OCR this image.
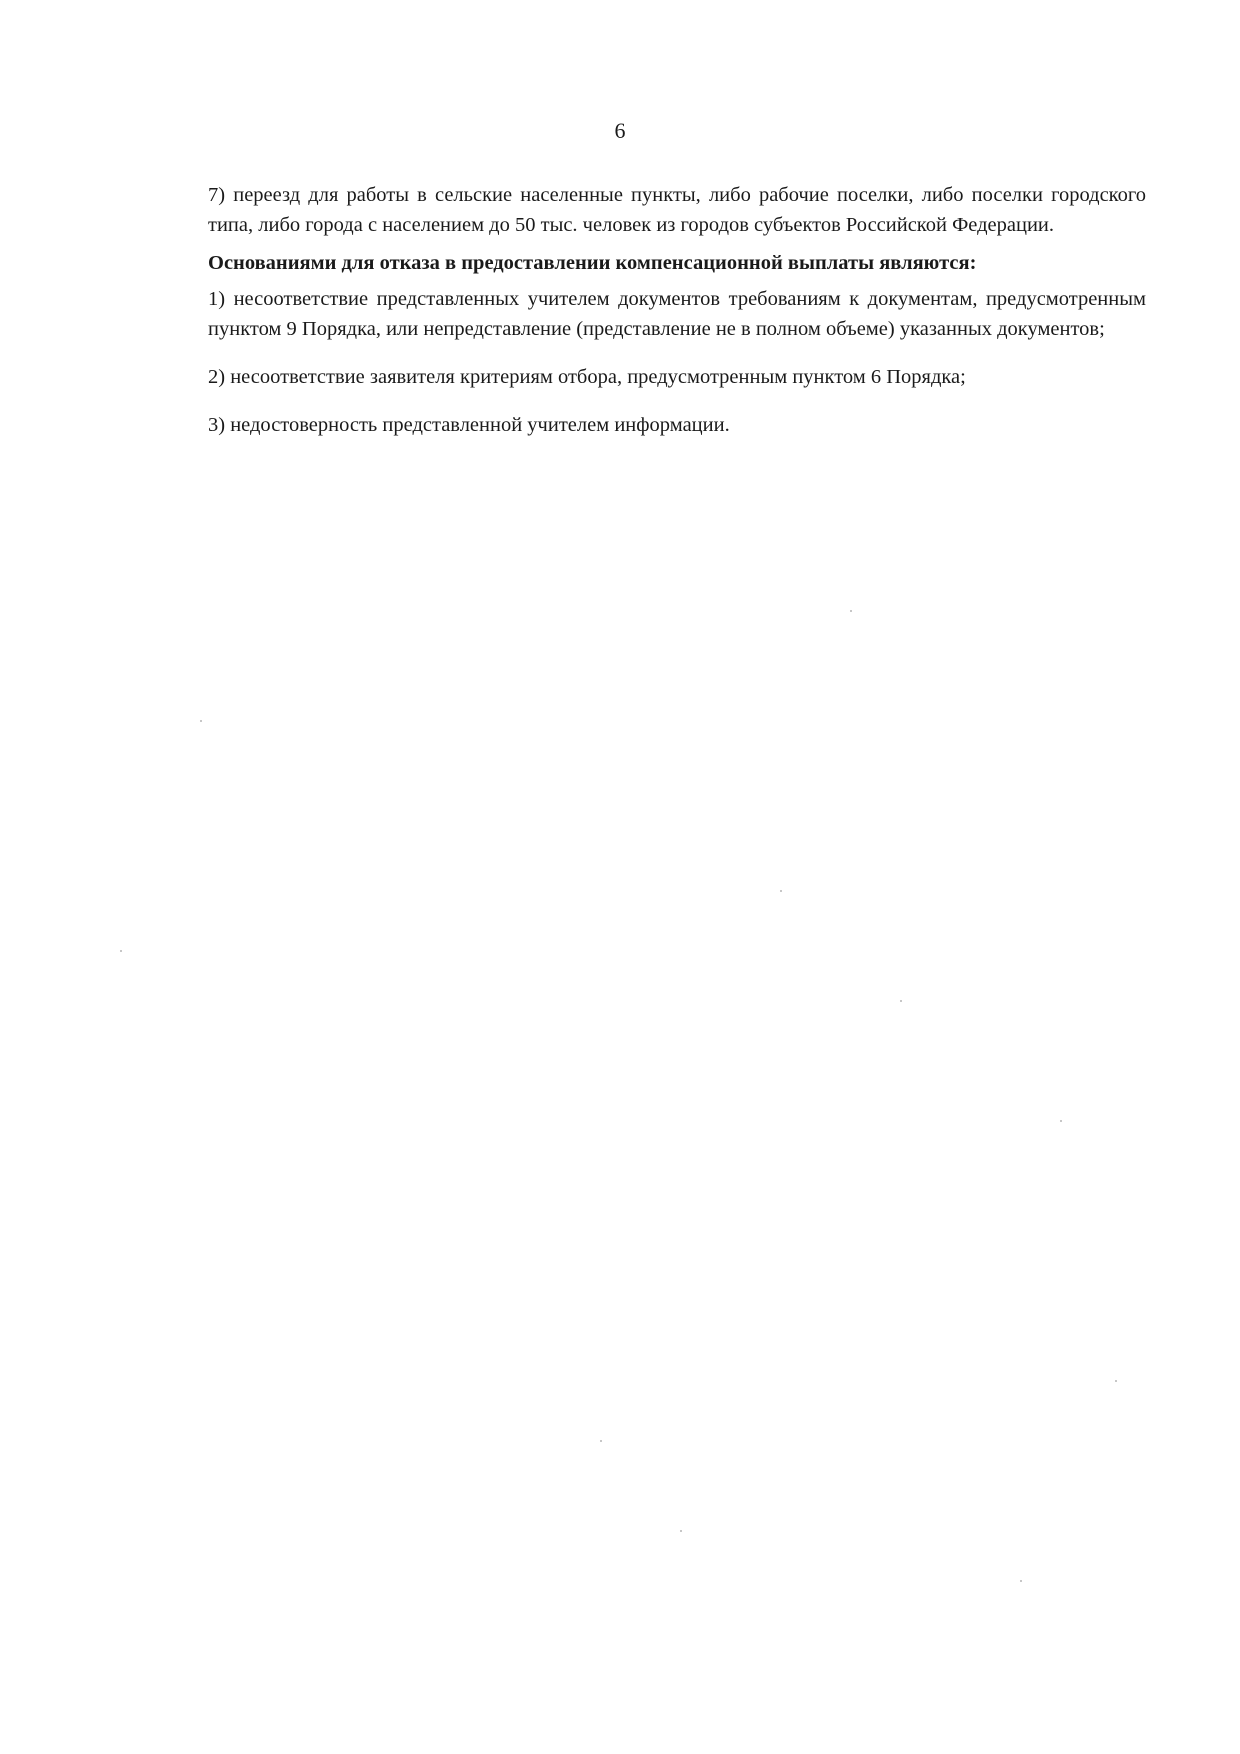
6

7) переезд для работы в сельские населенные пункты, либо рабочие поселки, либо поселки городского типа, либо города с населением до 50 тыс. человек из городов субъектов Российской Федерации.

Основаниями для отказа в предоставлении компенсационной выплаты являются:

1) несоответствие представленных учителем документов требованиям к документам, предусмотренным пунктом 9 Порядка, или непредставление (представление не в полном объеме) указанных документов;

2) несоответствие заявителя критериям отбора, предусмотренным пунктом 6 Порядка;

3) недостоверность представленной учителем информации.
